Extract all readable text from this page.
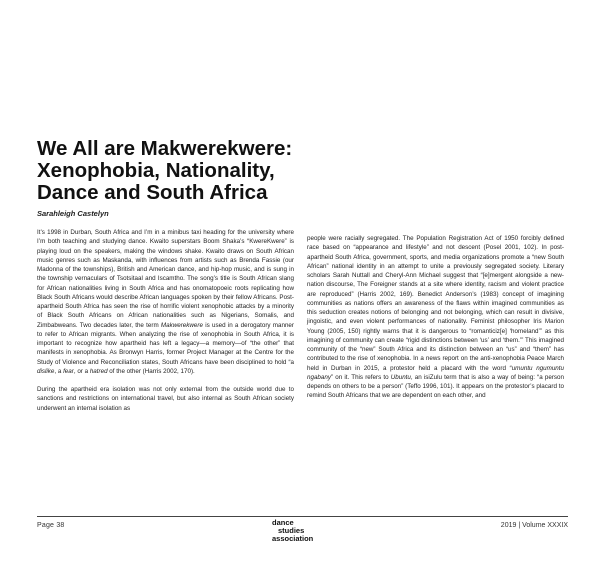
We All are Makwerekwere:
Xenophobia, Nationality,
Dance and South Africa
Sarahleigh Castelyn

It’s 1998 in Durban, South Africa and I’m in a minibus taxi heading for the university where I’m both teaching and studying dance. Kwaito superstars Boom Shaka’s “KwereKwere” is playing loud on the speakers, making the windows shake. Kwaito draws on South African music genres such as Maskanda, with influences from artists such as Brenda Fassie (our Madonna of the townships), British and American dance, and hip-hop music, and is sung in the township vernaculars of Tsotsitaal and Iscamtho. The song’s title is South African slang for African nationalities living in South Africa and has onomatopoeic roots replicating how Black South Africans would describe African languages spoken by their fellow Africans. Post-apartheid South Africa has seen the rise of horrific violent xenophobic attacks by a minority of Black South Africans on African nationalities such as Nigerians, Somalis, and Zimbabweans. Two decades later, the term Makwerekwere is used in a derogatory manner to refer to African migrants. When analyzing the rise of xenophobia in South Africa, it is important to recognize how apartheid has left a legacy—a memory—of “the other” that manifests in xenophobia. As Bronwyn Harris, former Project Manager at the Centre for the Study of Violence and Reconciliation states, South Africans have been disciplined to hold “a dislike, a fear, or a hatred of the other (Harris 2002, 170).

During the apartheid era isolation was not only external from the outside world due to sanctions and restrictions on international travel, but also internal as South African society underwent an internal isolation as

people were racially segregated. The Population Registration Act of 1950 forcibly defined race based on “appearance and lifestyle” and not descent (Posel 2001, 102). In post-apartheid South Africa, government, sports, and media organizations promote a “new South African” national identity in an attempt to unite a previously segregated society. Literary scholars Sarah Nuttall and Cheryl-Ann Michael suggest that “[e]mergent alongside a new-nation discourse, The Foreigner stands at a site where identity, racism and violent practice are reproduced” (Harris 2002, 169). Benedict Anderson’s (1983) concept of imagining communities as nations offers an awareness of the flaws within imagined communities as this seduction creates notions of belonging and not belonging, which can result in divisive, jingoistic, and even violent performances of nationality. Feminist philosopher Iris Marion Young (2005, 150) rightly warns that it is dangerous to “romanticiz[e] ‘homeland’” as this imagining of community can create “rigid distinctions between ‘us’ and ‘them.’” This imagined community of the “new” South Africa and its distinction between an “us” and “them” has contributed to the rise of xenophobia. In a news report on the anti-xenophobia Peace March held in Durban in 2015, a protestor held a placard with the word “umuntu ngumuntu ngabany” on it. This refers to Ubuntu, an isiZulu term that is also a way of being: “a person depends on others to be a person” (Teffo 1996, 101). It appears on the protestor’s placard to remind South Africans that we are dependent on each other, and

Page 38	dance
studies
association
2019 | Volume XXXIX
